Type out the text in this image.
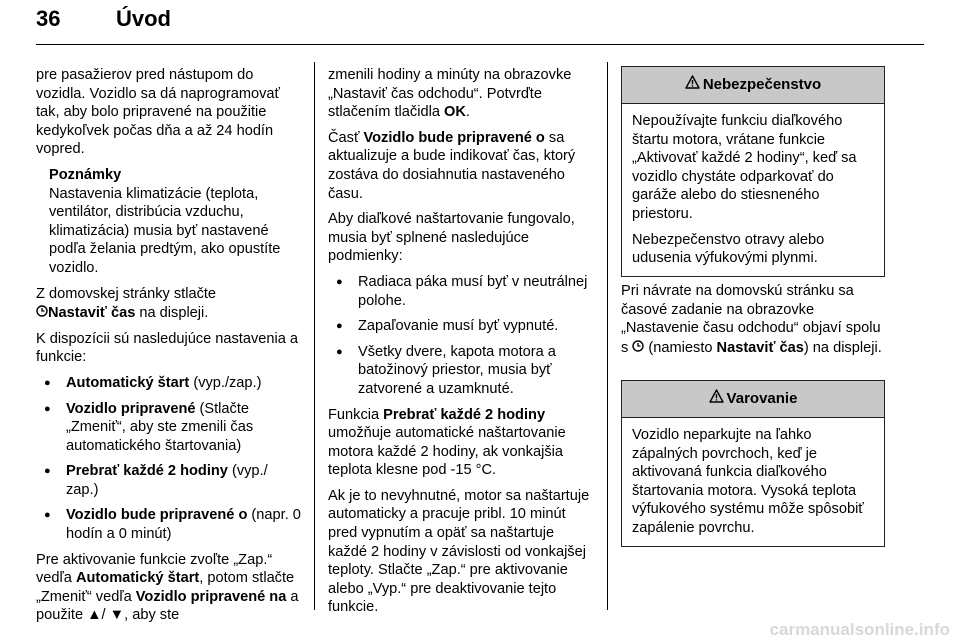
36	Úvod

pre pasažierov pred nástupom do vozidla. Vozidlo sa dá naprogramovať tak, aby bolo pripravené na použitie kedykoľvek počas dňa a až 24 hodín vopred.

Poznámky
Nastavenia klimatizácie (teplota, ventilátor, distribúcia vzduchu, klimatizácia) musia byť nastavené podľa želania predtým, ako opustíte vozidlo.

Z domovskej stránky stlačte
Nastaviť čas na displeji.

K dispozícii sú nasledujúce nastavenia a funkcie:

● Automatický štart (vyp./zap.)
● Vozidlo pripravené (Stlačte „Zmeniť“, aby ste zmenili čas automatického štartovania)
● Prebrať každé 2 hodiny (vyp./ zap.)
● Vozidlo bude pripravené o (napr. 0 hodín a 0 minút)

Pre aktivovanie funkcie zvoľte „Zap.“ vedľa Automatický štart, potom stlačte „Zmeniť“ vedľa Vozidlo pripravené na a použite ▲/ ▼, aby ste

zmenili hodiny a minúty na obrazovke „Nastaviť čas odchodu“. Potvrďte stlačením tlačidla OK.

Časť Vozidlo bude pripravené o sa aktualizuje a bude indikovať čas, ktorý zostáva do dosiahnutia nastaveného času.

Aby diaľkové naštartovanie fungovalo, musia byť splnené nasledujúce podmienky:

● Radiaca páka musí byť v neutrálnej polohe.
● Zapaľovanie musí byť vypnuté.
● Všetky dvere, kapota motora a batožinový priestor, musia byť zatvorené a uzamknuté.

Funkcia Prebrať každé 2 hodiny umožňuje automatické naštartovanie motora každé 2 hodiny, ak vonkajšia teplota klesne pod -15 °C.

Ak je to nevyhnutné, motor sa naštartuje automaticky a pracuje pribl. 10 minút pred vypnutím a opäť sa naštartuje každé 2 hodiny v závislosti od vonkajšej teploty. Stlačte „Zap.“ pre aktivovanie alebo „Vyp.“ pre deaktivovanie tejto funkcie.

Nebezpečenstvo

Nepoužívajte funkciu diaľkového štartu motora, vrátane funkcie „Aktivovať každé 2 hodiny“, keď sa vozidlo chystáte odparkovať do garáže alebo do stiesneného priestoru.

Nebezpečenstvo otravy alebo udusenia výfukovými plynmi.

Pri návrate na domovskú stránku sa časové zadanie na obrazovke „Nastavenie času odchodu“ objaví spolu s  (namiesto Nastaviť čas) na displeji.

Varovanie

Vozidlo neparkujte na ľahko zápalných povrchoch, keď je aktivovaná funkcia diaľkového štartovania motora. Vysoká teplota výfukového systému môže spôsobiť zapálenie povrchu.

carmanualsonline.info
